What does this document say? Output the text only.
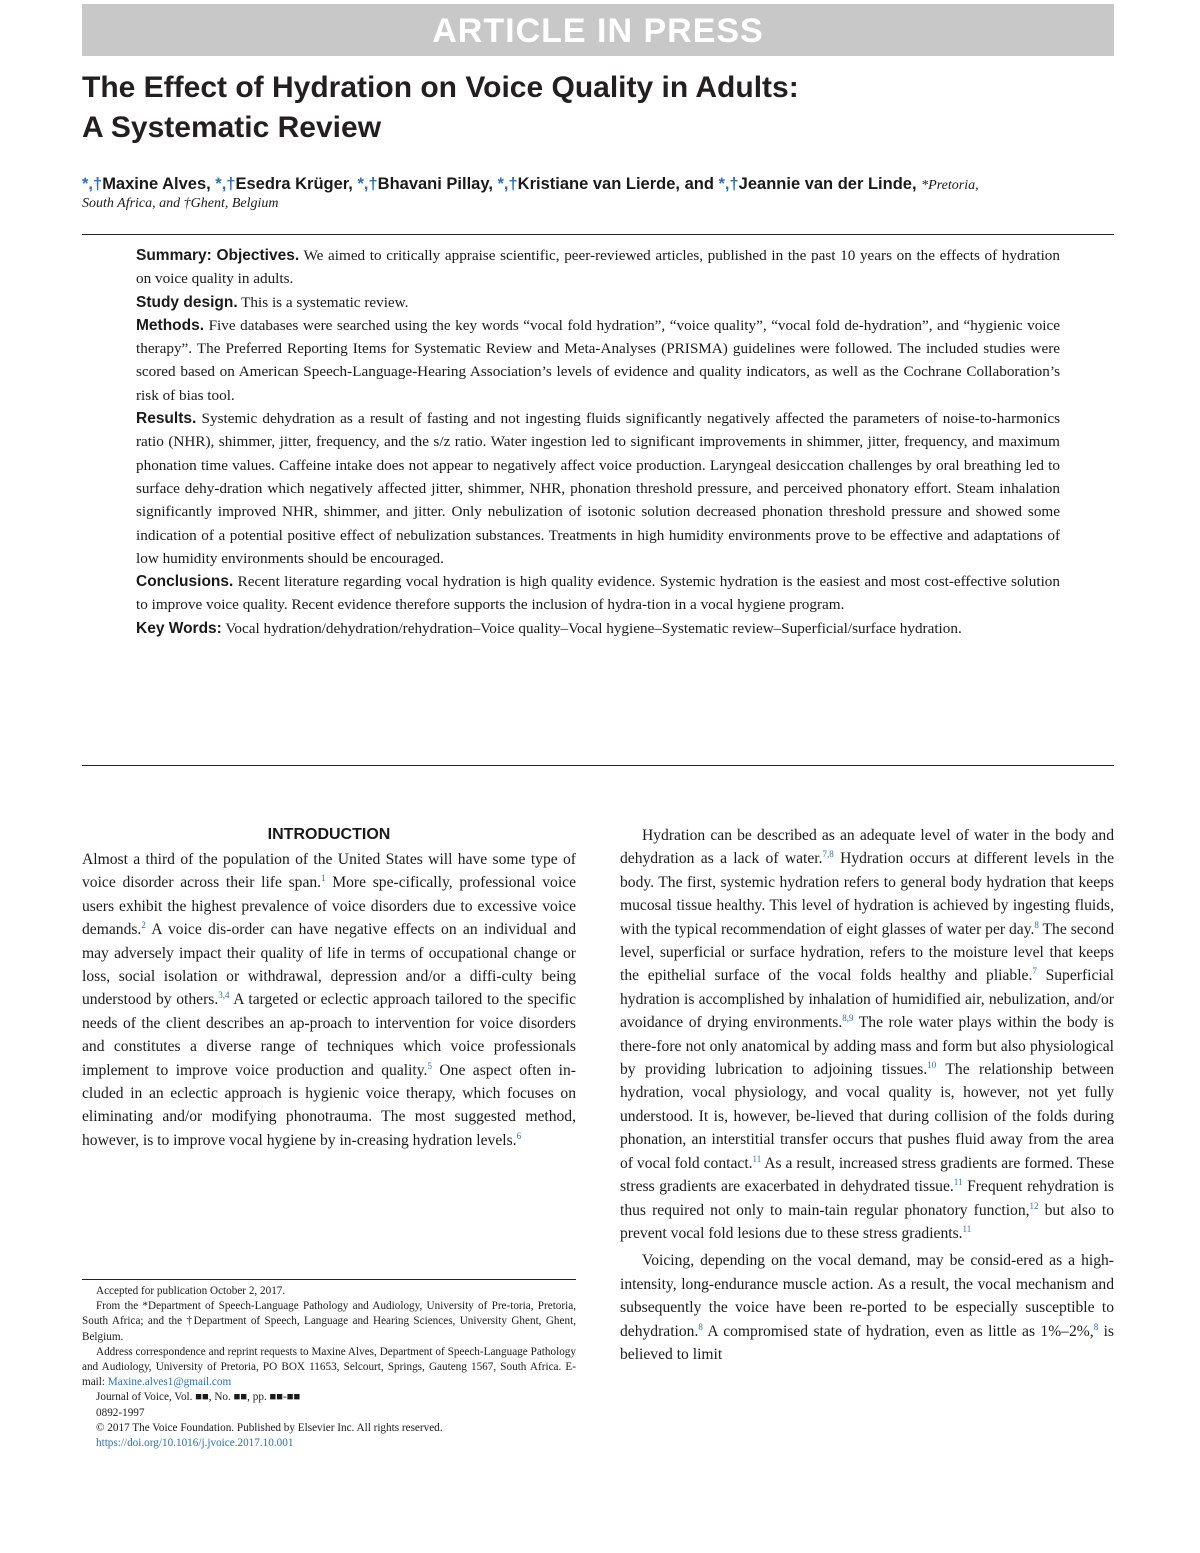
ARTICLE IN PRESS
The Effect of Hydration on Voice Quality in Adults:
A Systematic Review
*,†Maxine Alves, *,†Esedra Krüger, *,†Bhavani Pillay, *,†Kristiane van Lierde, and *,†Jeannie van der Linde, *Pretoria,
South Africa, and †Ghent, Belgium

Summary: Objectives. We aimed to critically appraise scientific, peer-reviewed articles, published in the past 10 years on the effects of hydration on voice quality in adults.

Study design. This is a systematic review.

Methods. Five databases were searched using the key words “vocal fold hydration”, “voice quality”, “vocal fold de-hydration”, and “hygienic voice therapy”. The Preferred Reporting Items for Systematic Review and Meta-Analyses (PRISMA) guidelines were followed. The included studies were scored based on American Speech-Language-Hearing Association’s levels of evidence and quality indicators, as well as the Cochrane Collaboration’s risk of bias tool.

Results. Systemic dehydration as a result of fasting and not ingesting fluids significantly negatively affected the parameters of noise-to-harmonics ratio (NHR), shimmer, jitter, frequency, and the s/z ratio. Water ingestion led to significant improvements in shimmer, jitter, frequency, and maximum phonation time values. Caffeine intake does not appear to negatively affect voice production. Laryngeal desiccation challenges by oral breathing led to surface dehy-dration which negatively affected jitter, shimmer, NHR, phonation threshold pressure, and perceived phonatory effort. Steam inhalation significantly improved NHR, shimmer, and jitter. Only nebulization of isotonic solution decreased phonation threshold pressure and showed some indication of a potential positive effect of nebulization substances. Treatments in high humidity environments prove to be effective and adaptations of low humidity environments should be encouraged.

Conclusions. Recent literature regarding vocal hydration is high quality evidence. Systemic hydration is the easiest and most cost-effective solution to improve voice quality. Recent evidence therefore supports the inclusion of hydra-tion in a vocal hygiene program.

Key Words: Vocal hydration/dehydration/rehydration–Voice quality–Vocal hygiene–Systematic review–Superficial/surface hydration.

INTRODUCTION

Almost a third of the population of the United States will have some type of voice disorder across their life span.$^1$ More spe-cifically, professional voice users exhibit the highest prevalence of voice disorders due to excessive voice demands.$^2$ A voice dis-order can have negative effects on an individual and may adversely impact their quality of life in terms of occupational change or loss, social isolation or withdrawal, depression and/or a diffi-culty being understood by others.$^{3,4}$ A targeted or eclectic approach tailored to the specific needs of the client describes an ap-proach to intervention for voice disorders and constitutes a diverse range of techniques which voice professionals implement to improve voice production and quality.$^5$ One aspect often in-cluded in an eclectic approach is hygienic voice therapy, which focuses on eliminating and/or modifying phonotrauma. The most suggested method, however, is to improve vocal hygiene by in-creasing hydration levels.$^6$

Accepted for publication October 2, 2017.

From the *Department of Speech-Language Pathology and Audiology, University of Pre-toria, Pretoria, South Africa; and the †Department of Speech, Language and Hearing Sciences, University Ghent, Ghent, Belgium.

Address correspondence and reprint requests to Maxine Alves, Department of Speech-Language Pathology and Audiology, University of Pretoria, PO BOX 11653, Selcourt, Springs, Gauteng 1567, South Africa. E-mail: Maxine.alves1@gmail.com

Journal of Voice, Vol. ■■, No. ■■, pp. ■■-■■

0892-1997

© 2017 The Voice Foundation. Published by Elsevier Inc. All rights reserved.

https://doi.org/10.1016/j.jvoice.2017.10.001

Hydration can be described as an adequate level of water in the body and dehydration as a lack of water.$^{7,8}$ Hydration occurs at different levels in the body. The first, systemic hydration refers to general body hydration that keeps mucosal tissue healthy. This level of hydration is achieved by ingesting fluids, with the typical recommendation of eight glasses of water per day.$^8$ The second level, superficial or surface hydration, refers to the moisture level that keeps the epithelial surface of the vocal folds healthy and pliable.$^7$ Superficial hydration is accomplished by inhalation of humidified air, nebulization, and/or avoidance of drying environments.$^{8,9}$ The role water plays within the body is there-fore not only anatomical by adding mass and form but also physiological by providing lubrication to adjoining tissues.$^{10}$ The relationship between hydration, vocal physiology, and vocal quality is, however, not yet fully understood. It is, however, be-lieved that during collision of the folds during phonation, an interstitial transfer occurs that pushes fluid away from the area of vocal fold contact.$^{11}$ As a result, increased stress gradients are formed. These stress gradients are exacerbated in dehydrated tissue.$^{11}$ Frequent rehydration is thus required not only to main-tain regular phonatory function,$^{12}$ but also to prevent vocal fold lesions due to these stress gradients.$^{11}$

Voicing, depending on the vocal demand, may be consid-ered as a high-intensity, long-endurance muscle action. As a result, the vocal mechanism and subsequently the voice have been re-ported to be especially susceptible to dehydration.$^8$ A compromised state of hydration, even as little as 1%–2%,$^8$ is believed to limit
